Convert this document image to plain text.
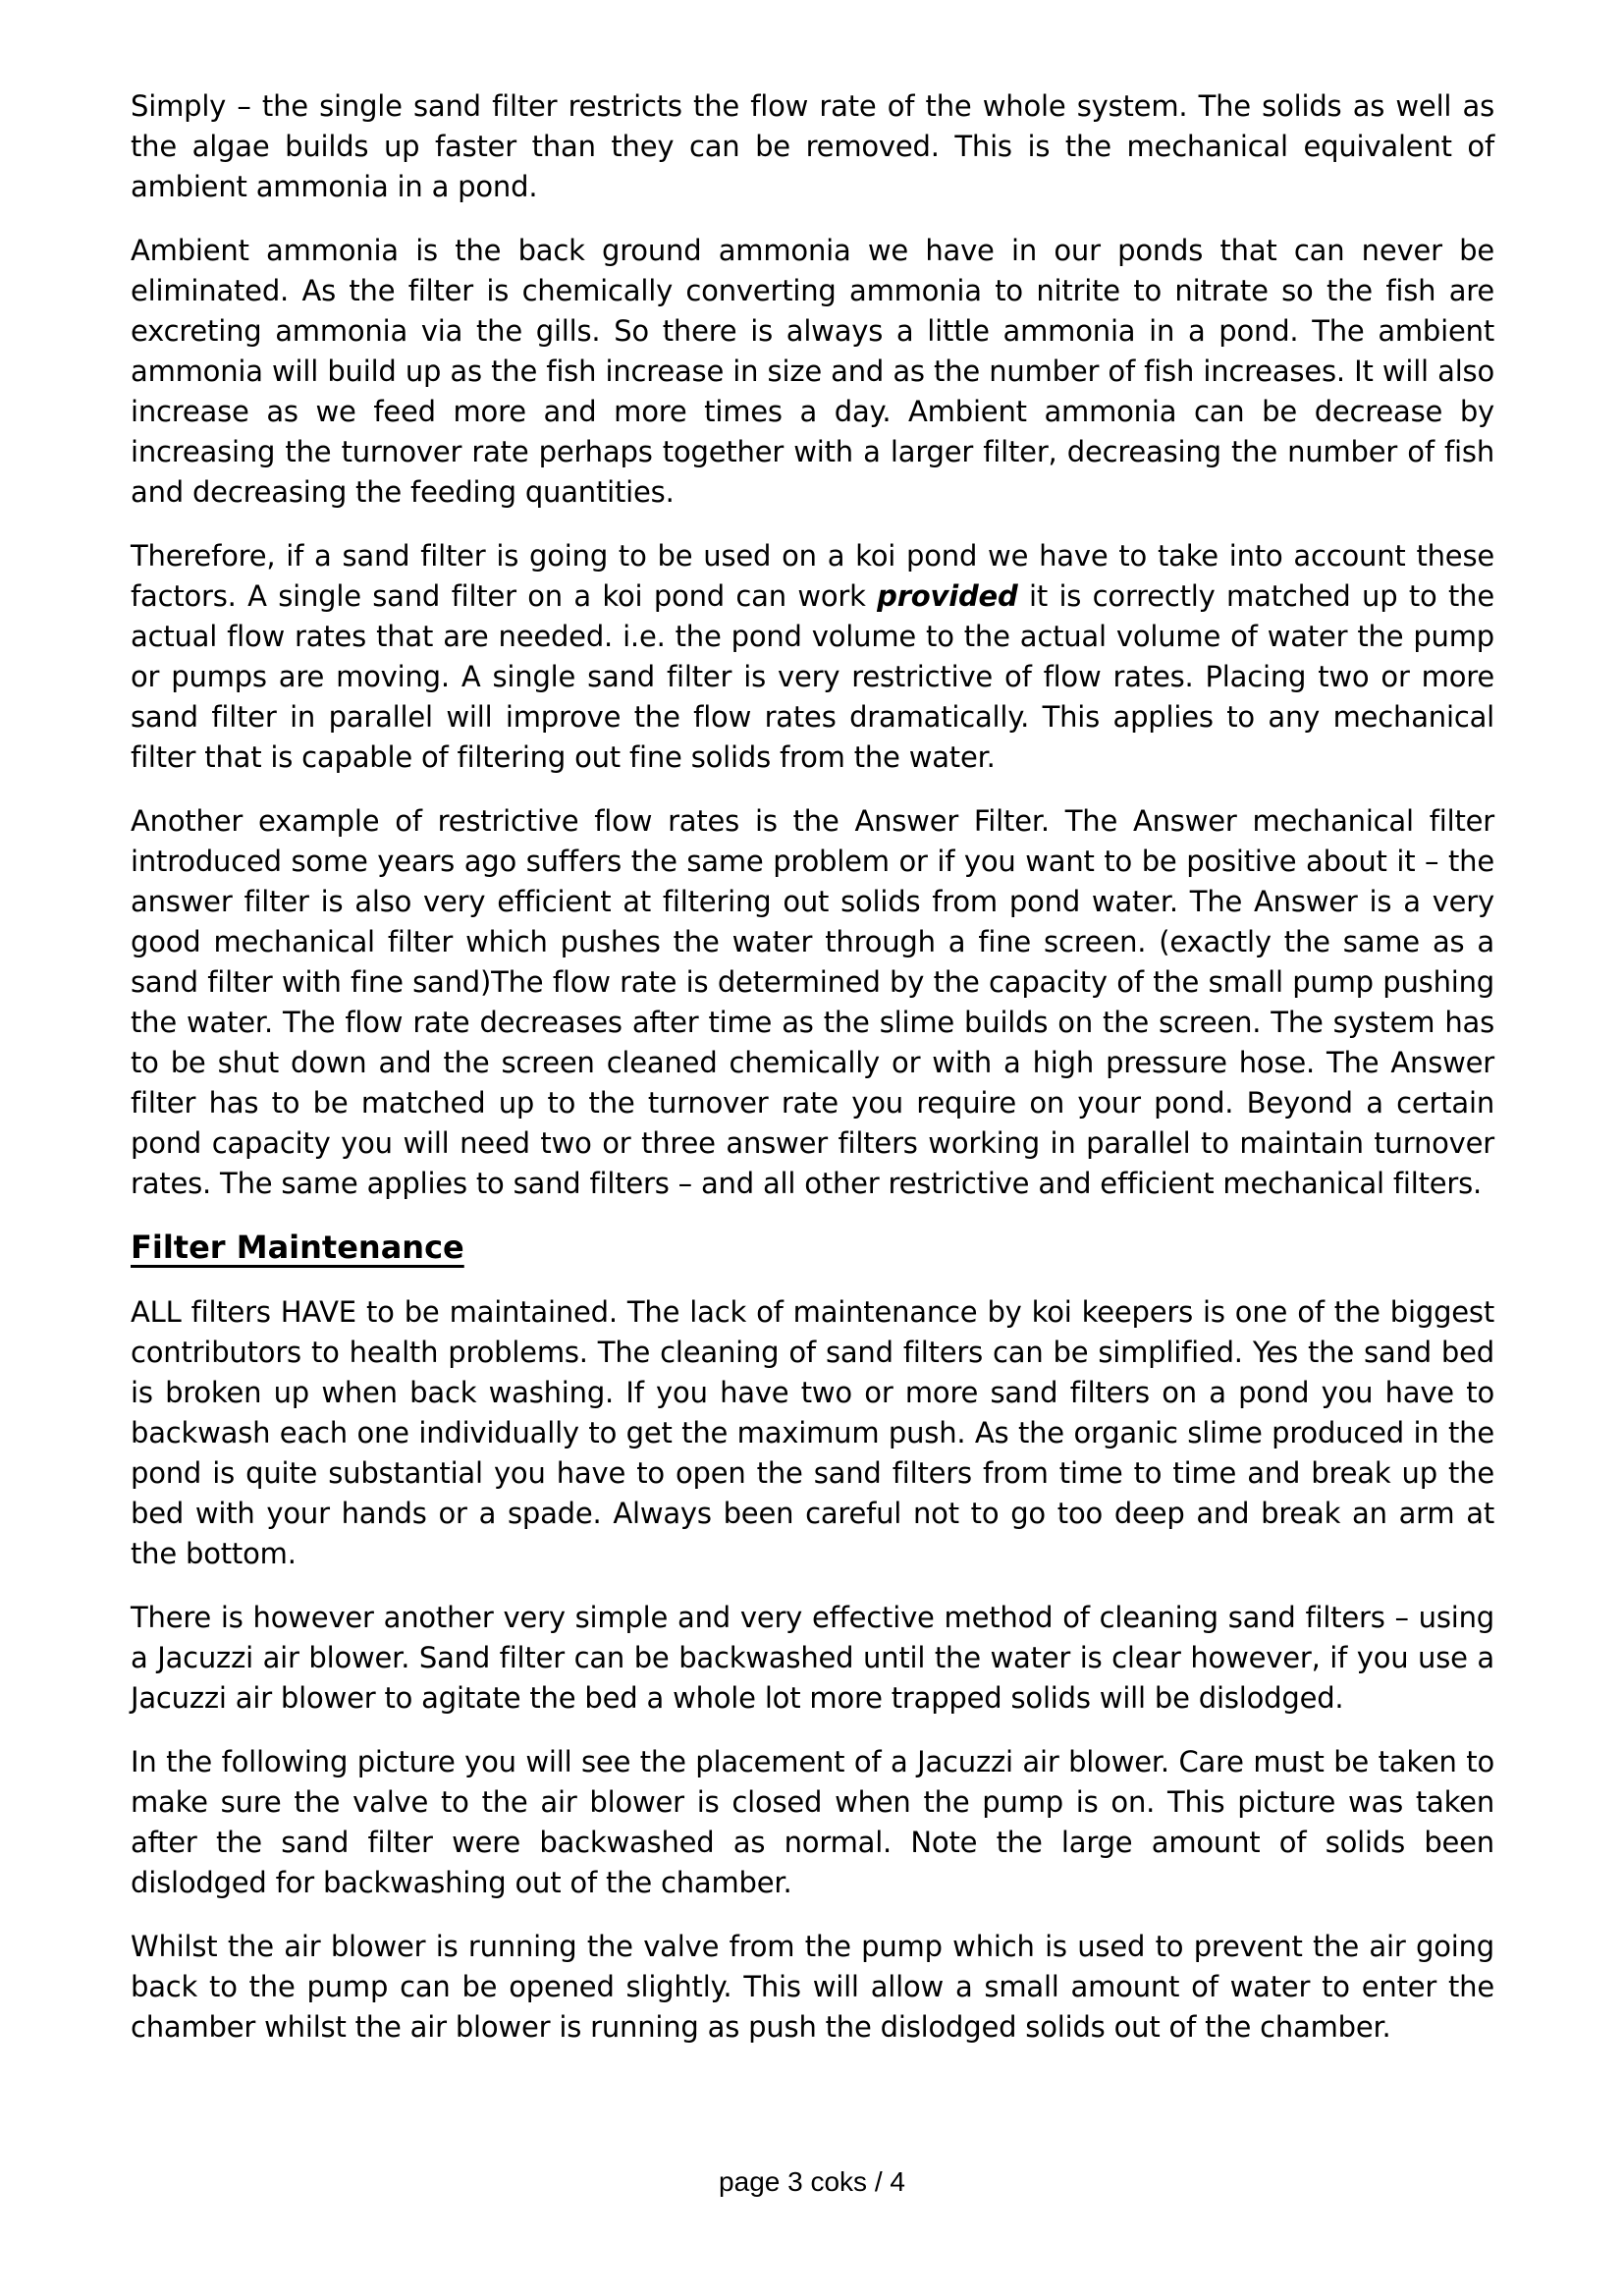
Simply – the single sand filter restricts the flow rate of the whole system. The solids as well as the algae builds up faster than they can be removed. This is the mechanical equivalent of ambient ammonia in a pond.

Ambient ammonia is the back ground ammonia we have in our ponds that can never be eliminated. As the filter is chemically converting ammonia to nitrite to nitrate so the fish are excreting ammonia via the gills. So there is always a little ammonia in a pond. The ambient ammonia will build up as the fish increase in size and as the number of fish increases. It will also increase as we feed more and more times a day. Ambient ammonia can be decrease by increasing the turnover rate perhaps together with a larger filter, decreasing the number of fish and decreasing the feeding quantities.

Therefore, if a sand filter is going to be used on a koi pond we have to take into account these factors. A single sand filter on a koi pond can work provided it is correctly matched up to the actual flow rates that are needed. i.e. the pond volume to the actual volume of water the pump or pumps are moving. A single sand filter is very restrictive of flow rates. Placing two or more sand filter in parallel will improve the flow rates dramatically. This applies to any mechanical filter that is capable of filtering out fine solids from the water.

Another example of restrictive flow rates is the Answer Filter. The Answer mechanical filter introduced some years ago suffers the same problem or if you want to be positive about it – the answer filter is also very efficient at filtering out solids from pond water. The Answer is a very good mechanical filter which pushes the water through a fine screen. (exactly the same as a sand filter with fine sand)The flow rate is determined by the capacity of the small pump pushing the water. The flow rate decreases after time as the slime builds on the screen. The system has to be shut down and the screen cleaned chemically or with a high pressure hose. The Answer filter has to be matched up to the turnover rate you require on your pond. Beyond a certain pond capacity you will need two or three answer filters working in parallel to maintain turnover rates. The same applies to sand filters – and all other restrictive and efficient mechanical filters.

Filter Maintenance

ALL filters HAVE to be maintained. The lack of maintenance by koi keepers is one of the biggest contributors to health problems. The cleaning of sand filters can be simplified. Yes the sand bed is broken up when back washing. If you have two or more sand filters on a pond you have to backwash each one individually to get the maximum push. As the organic slime produced in the pond is quite substantial you have to open the sand filters from time to time and break up the bed with your hands or a spade. Always been careful not to go too deep and break an arm at the bottom.

There is however another very simple and very effective method of cleaning sand filters – using a Jacuzzi air blower. Sand filter can be backwashed until the water is clear however, if you use a Jacuzzi air blower to agitate the bed a whole lot more trapped solids will be dislodged.

In the following picture you will see the placement of a Jacuzzi air blower. Care must be taken to make sure the valve to the air blower is closed when the pump is on. This picture was taken after the sand filter were backwashed as normal. Note the large amount of solids been dislodged for backwashing out of the chamber.

Whilst the air blower is running the valve from the pump which is used to prevent the air going back to the pump can be opened slightly. This will allow a small amount of water to enter the chamber whilst the air blower is running as push the dislodged solids out of the chamber.

page 3 coks / 4
